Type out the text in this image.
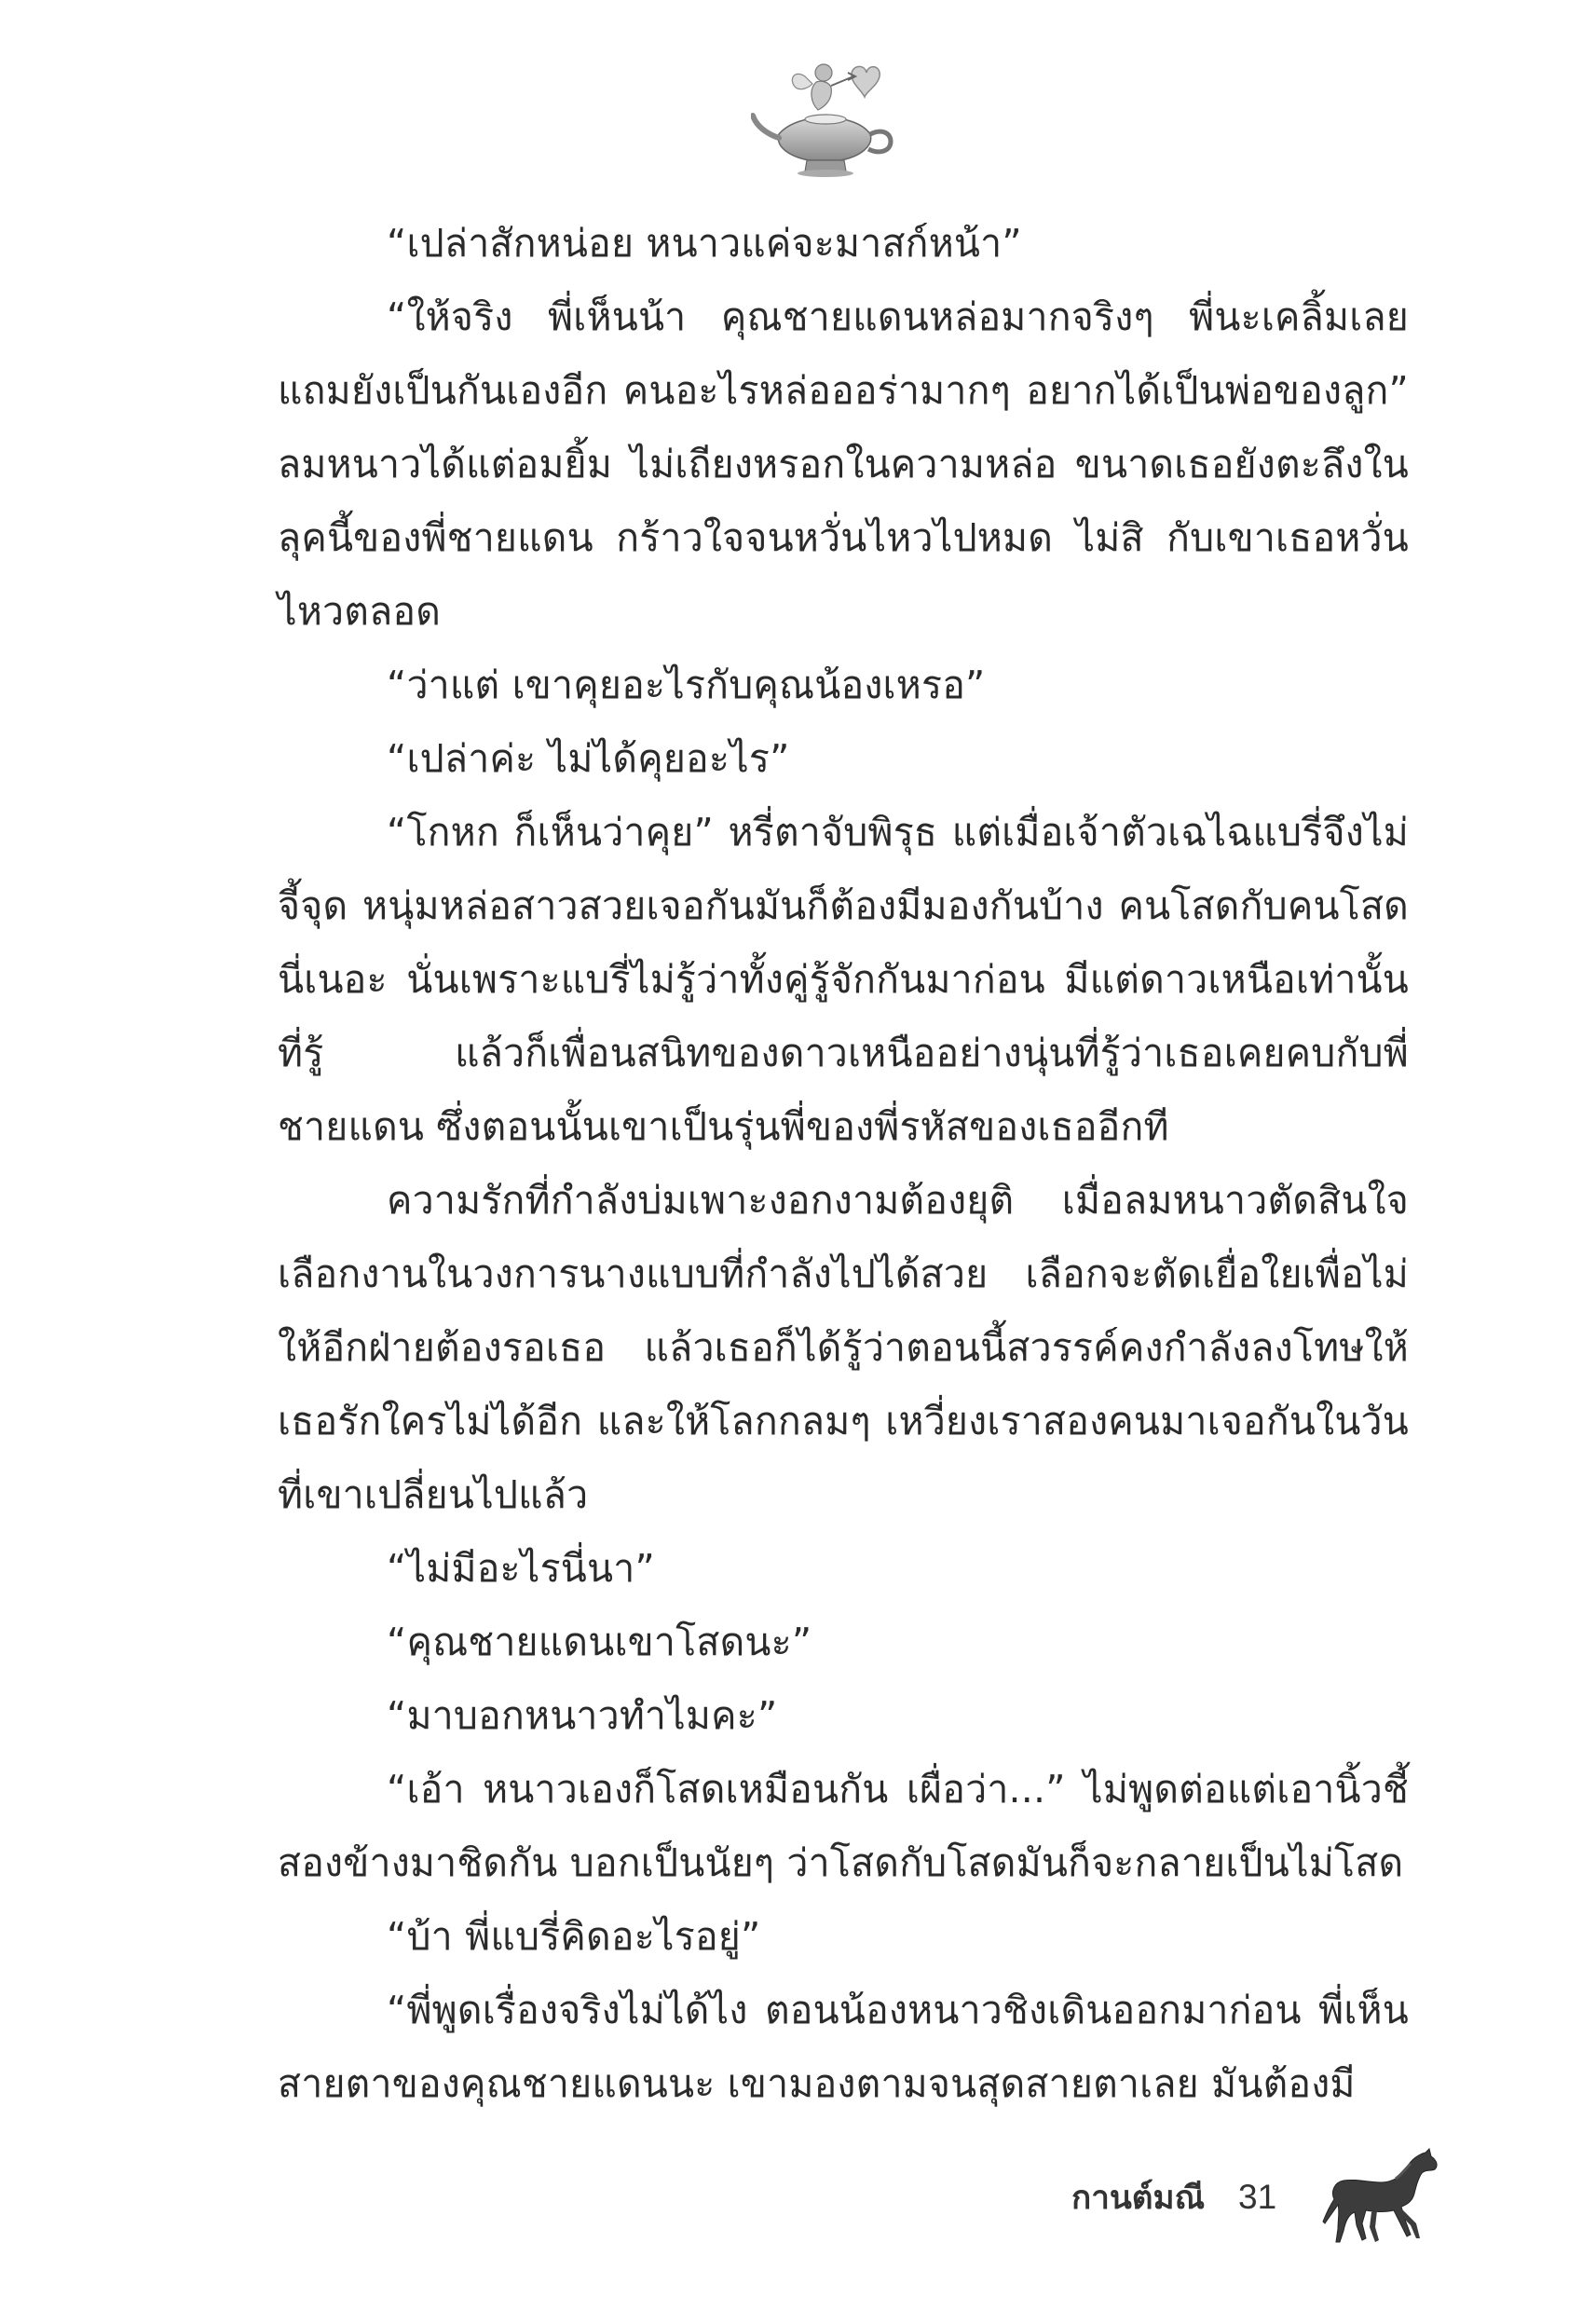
“เปล่าสักหน่อย หนาวแค่จะมาสก์หน้า”

“ให้จริง พี่เห็นน้า คุณชายแดนหล่อมากจริงๆ พี่นะเคลิ้มเลย แถมยังเป็นกันเองอีก คนอะไรหล่อออร่ามากๆ อยากได้เป็นพ่อของลูก” ลมหนาวได้แต่อมยิ้ม ไม่เถียงหรอกในความหล่อ ขนาดเธอยังตะลึงในลุคนี้ของพี่ชายแดน กร้าวใจจนหวั่นไหวไปหมด ไม่สิ กับเขาเธอหวั่นไหวตลอด

“ว่าแต่ เขาคุยอะไรกับคุณน้องเหรอ”

“เปล่าค่ะ ไม่ได้คุยอะไร”

“โกหก ก็เห็นว่าคุย” หรี่ตาจับพิรุธ แต่เมื่อเจ้าตัวเฉไฉแบรี่จึงไม่จี้จุด หนุ่มหล่อสาวสวยเจอกันมันก็ต้องมีมองกันบ้าง คนโสดกับคนโสดนี่เนอะ นั่นเพราะแบรี่ไม่รู้ว่าทั้งคู่รู้จักกันมาก่อน มีแต่ดาวเหนือเท่านั้นที่รู้ แล้วก็เพื่อนสนิทของดาวเหนืออย่างนุ่นที่รู้ว่าเธอเคยคบกับพี่ชายแดน ซึ่งตอนนั้นเขาเป็นรุ่นพี่ของพี่รหัสของเธออีกที

ความรักที่กำลังบ่มเพาะงอกงามต้องยุติ เมื่อลมหนาวตัดสินใจเลือกงานในวงการนางแบบที่กำลังไปได้สวย เลือกจะตัดเยื่อใยเพื่อไม่ให้อีกฝ่ายต้องรอเธอ แล้วเธอก็ได้รู้ว่าตอนนี้สวรรค์คงกำลังลงโทษให้เธอรักใครไม่ได้อีก และให้โลกกลมๆ เหวี่ยงเราสองคนมาเจอกันในวันที่เขาเปลี่ยนไปแล้ว

“ไม่มีอะไรนี่นา”

“คุณชายแดนเขาโสดนะ”

“มาบอกหนาวทำไมคะ”

“เอ้า หนาวเองก็โสดเหมือนกัน เผื่อว่า...” ไม่พูดต่อแต่เอานิ้วชี้สองข้างมาชิดกัน บอกเป็นนัยๆ ว่าโสดกับโสดมันก็จะกลายเป็นไม่โสด

“บ้า พี่แบรี่คิดอะไรอยู่”

“พี่พูดเรื่องจริงไม่ได้ไง ตอนน้องหนาวชิงเดินออกมาก่อน พี่เห็นสายตาของคุณชายแดนนะ เขามองตามจนสุดสายตาเลย มันต้องมี

กานต์มณี 31
